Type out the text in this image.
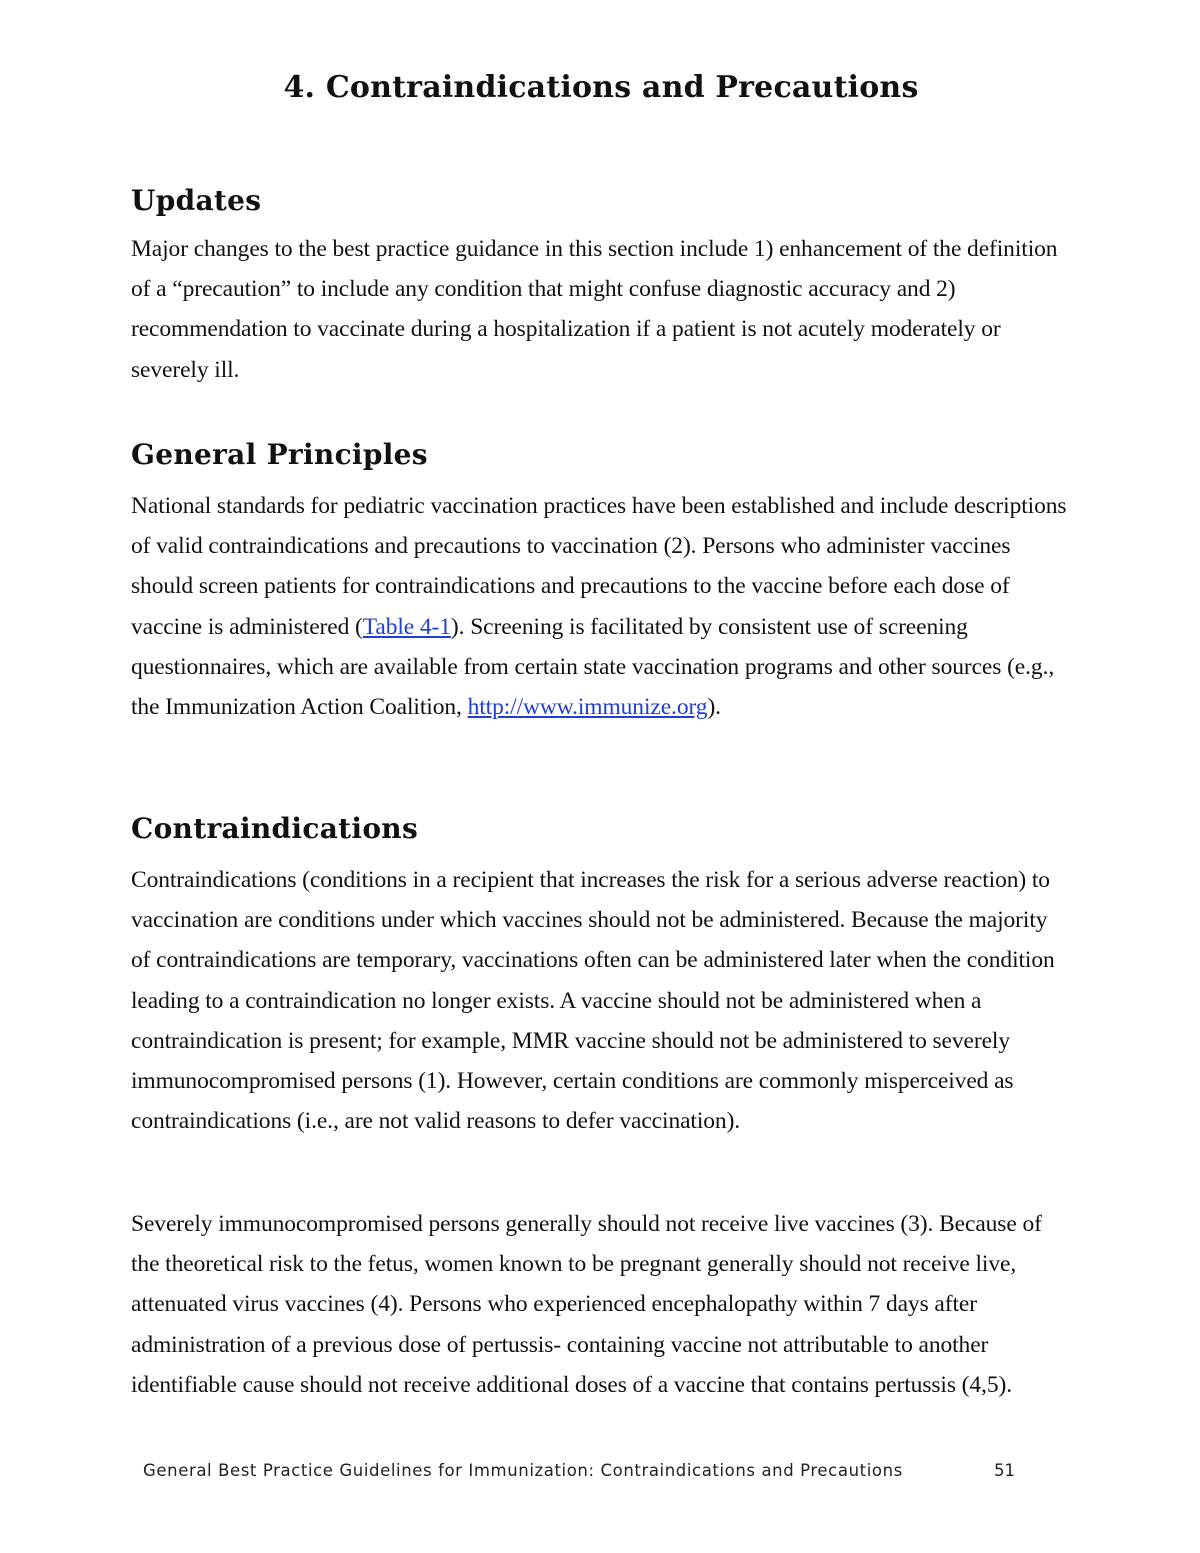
4. Contraindications and Precautions
Updates

Major changes to the best practice guidance in this section include 1) enhancement of the definition of a “precaution” to include any condition that might confuse diagnostic accuracy and 2) recommendation to vaccinate during a hospitalization if a patient is not acutely moderately or severely ill.

General Principles

National standards for pediatric vaccination practices have been established and include descriptions of valid contraindications and precautions to vaccination (2). Persons who administer vaccines should screen patients for contraindications and precautions to the vaccine before each dose of vaccine is administered (Table 4-1). Screening is facilitated by consistent use of screening questionnaires, which are available from certain state vaccination programs and other sources (e.g., the Immunization Action Coalition, http://www.immunize.org).

Contraindications

Contraindications (conditions in a recipient that increases the risk for a serious adverse reaction) to vaccination are conditions under which vaccines should not be administered. Because the majority of contraindications are temporary, vaccinations often can be administered later when the condition leading to a contraindication no longer exists. A vaccine should not be administered when a contraindication is present; for example, MMR vaccine should not be administered to severely immunocompromised persons (1). However, certain conditions are commonly misperceived as contraindications (i.e., are not valid reasons to defer vaccination).

Severely immunocompromised persons generally should not receive live vaccines (3). Because of the theoretical risk to the fetus, women known to be pregnant generally should not receive live, attenuated virus vaccines (4). Persons who experienced encephalopathy within 7 days after administration of a previous dose of pertussis- containing vaccine not attributable to another identifiable cause should not receive additional doses of a vaccine that contains pertussis (4,5).

General Best Practice Guidelines for Immunization: Contraindications and Precautions	51
